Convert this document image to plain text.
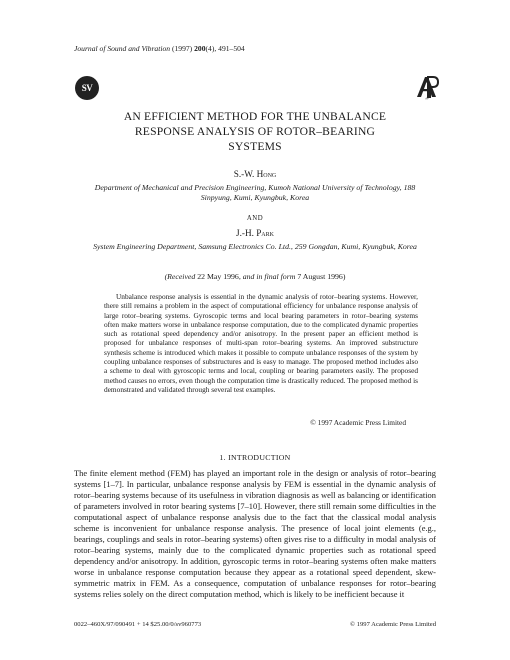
Journal of Sound and Vibration (1997) 200(4), 491–504
SV
AP
AN EFFICIENT METHOD FOR THE UNBALANCE
RESPONSE ANALYSIS OF ROTOR–BEARING
SYSTEMS
S.-W. Hong
Department of Mechanical and Precision Engineering, Kumoh National University of Technology, 188 Sinpyung, Kumi, Kyungbuk, Korea
AND
J.-H. Park
System Engineering Department, Samsung Electronics Co. Ltd., 259 Gongdan, Kumi, Kyungbuk, Korea
(Received 22 May 1996, and in final form 7 August 1996)

Unbalance response analysis is essential in the dynamic analysis of rotor–bearing systems. However, there still remains a problem in the aspect of computational efficiency for unbalance response analysis of large rotor–bearing systems. Gyroscopic terms and local bearing parameters in rotor–bearing systems often make matters worse in unbalance response computation, due to the complicated dynamic properties such as rotational speed dependency and/or anisotropy. In the present paper an efficient method is proposed for unbalance responses of multi-span rotor–bearing systems. An improved substructure synthesis scheme is introduced which makes it possible to compute unbalance responses of the system by coupling unbalance responses of substructures and is easy to manage. The proposed method includes also a scheme to deal with gyroscopic terms and local, coupling or bearing parameters easily. The proposed method causes no errors, even though the computation time is drastically reduced. The proposed method is demonstrated and validated through several test examples.

© 1997 Academic Press Limited
1. INTRODUCTION

The finite element method (FEM) has played an important role in the design or analysis of rotor–bearing systems [1–7]. In particular, unbalance response analysis by FEM is essential in the dynamic analysis of rotor–bearing systems because of its usefulness in vibration diagnosis as well as balancing or identification of parameters involved in rotor bearing systems [7–10]. However, there still remain some difficulties in the computational aspect of unbalance response analysis due to the fact that the classical modal analysis scheme is inconvenient for unbalance response analysis. The presence of local joint elements (e.g., bearings, couplings and seals in rotor–bearing systems) often gives rise to a difficulty in modal analysis of rotor–bearing systems, mainly due to the complicated dynamic properties such as rotational speed dependency and/or anisotropy. In addition, gyroscopic terms in rotor–bearing systems often make matters worse in unbalance response computation because they appear as a rotational speed dependent, skew-symmetric matrix in FEM. As a consequence, computation of unbalance responses for rotor–bearing systems relies solely on the direct computation method, which is likely to be inefficient because it

0022–460X/97/090491 + 14 $25.00/0/sv960773	© 1997 Academic Press Limited
